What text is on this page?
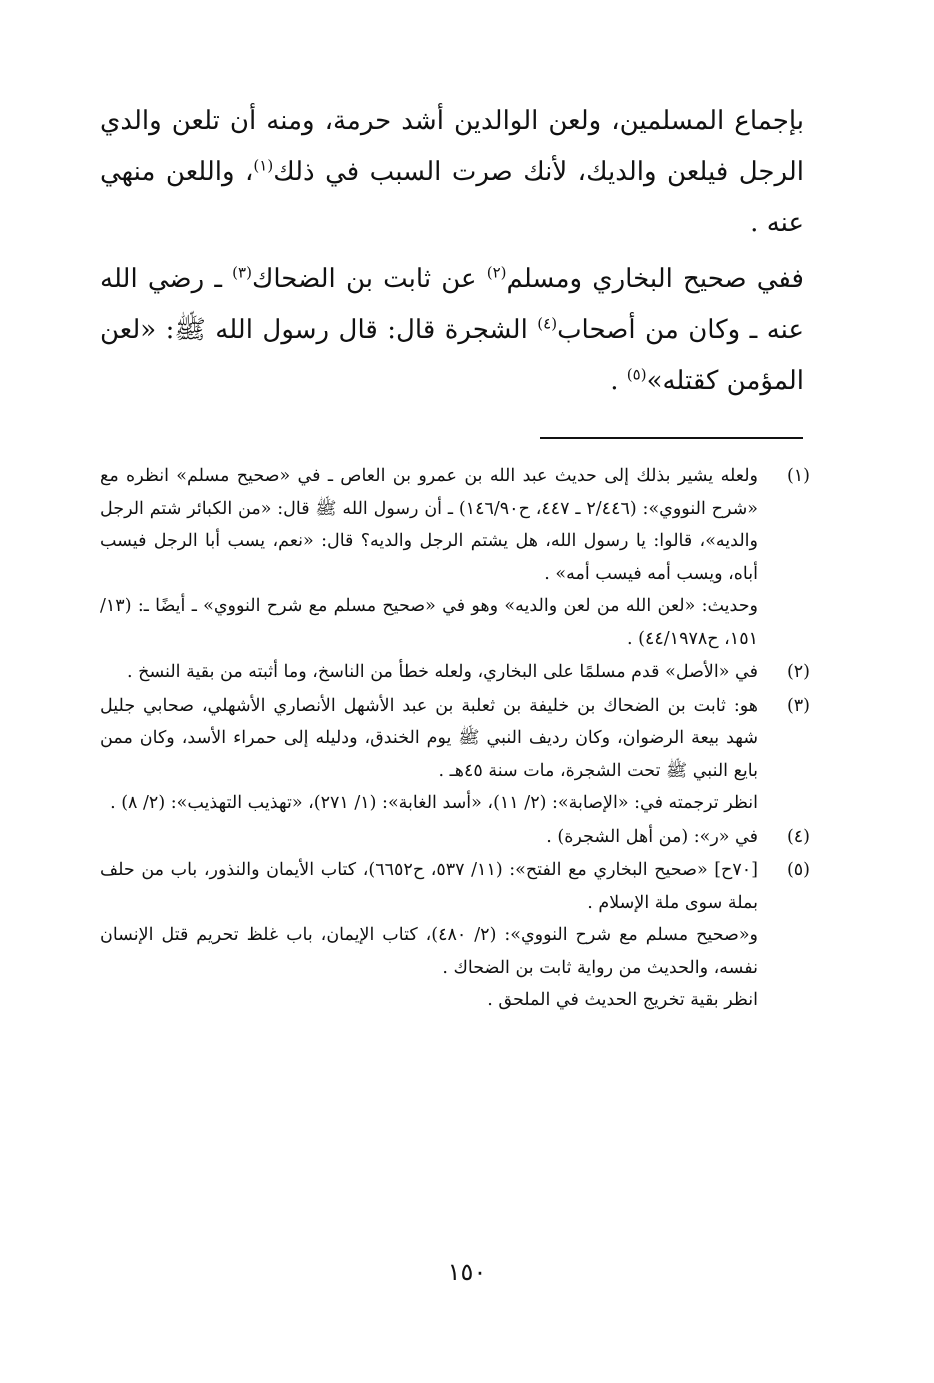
بإجماع المسلمين، ولعن الوالدين أشد حرمة، ومنه أن تلعن والدي الرجل فيلعن والديك، لأنك صرت السبب في ذلك$^{(١)}$، واللعن منهي عنه .

ففي صحيح البخاري ومسلم$^{(٢)}$ عن ثابت بن الضحاك$^{(٣)}$ ـ رضي الله عنه ـ وكان من أصحاب$^{(٤)}$ الشجرة قال: قال رسول الله ﷺ: «لعن المؤمن كقتله»$^{(٥)}$ .

(١)

ولعله يشير بذلك إلى حديث عبد الله بن عمرو بن العاص ـ في «صحيح مسلم» انظره مع «شرح النووي»: (٢/٤٤٦ ـ ٤٤٧، ح١٤٦/٩٠) ـ أن رسول الله ﷺ قال: «من الكبائر شتم الرجل والديه»، قالوا: يا رسول الله، هل يشتم الرجل والديه؟ قال: «نعم، يسب أبا الرجل فيسب أباه، ويسب أمه فيسب أمه» .

وحديث: «لعن الله من لعن والديه» وهو في «صحيح مسلم مع شرح النووي» ـ أيضًا ـ: (١٣/ ١٥١، ح٤٤/١٩٧٨) .

(٢)

في «الأصل» قدم مسلمًا على البخاري، ولعله خطأ من الناسخ، وما أثبته من بقية النسخ .

(٣)

هو: ثابت بن الضحاك بن خليفة بن ثعلبة بن عبد الأشهل الأنصاري الأشهلي، صحابي جليل شهد بيعة الرضوان، وكان رديف النبي ﷺ يوم الخندق، ودليله إلى حمراء الأسد، وكان ممن بايع النبي ﷺ تحت الشجرة، مات سنة ٤٥هـ .

انظر ترجمته في: «الإصابة»: (٢/ ١١)، «أسد الغابة»: (١/ ٢٧١)، «تهذيب التهذيب»: (٢/ ٨) .

(٤)

في «ر»: (من أهل الشجرة) .

(٥)

[٧٠ح] «صحيح البخاري مع الفتح»: (١١/ ٥٣٧، ح٦٦٥٢)، كتاب الأيمان والنذور، باب من حلف بملة سوى ملة الإسلام .

و«صحيح مسلم مع شرح النووي»: (٢/ ٤٨٠)، كتاب الإيمان، باب غلظ تحريم قتل الإنسان نفسه، والحديث من رواية ثابت بن الضحاك .

انظر بقية تخريج الحديث في الملحق .

١٥٠
